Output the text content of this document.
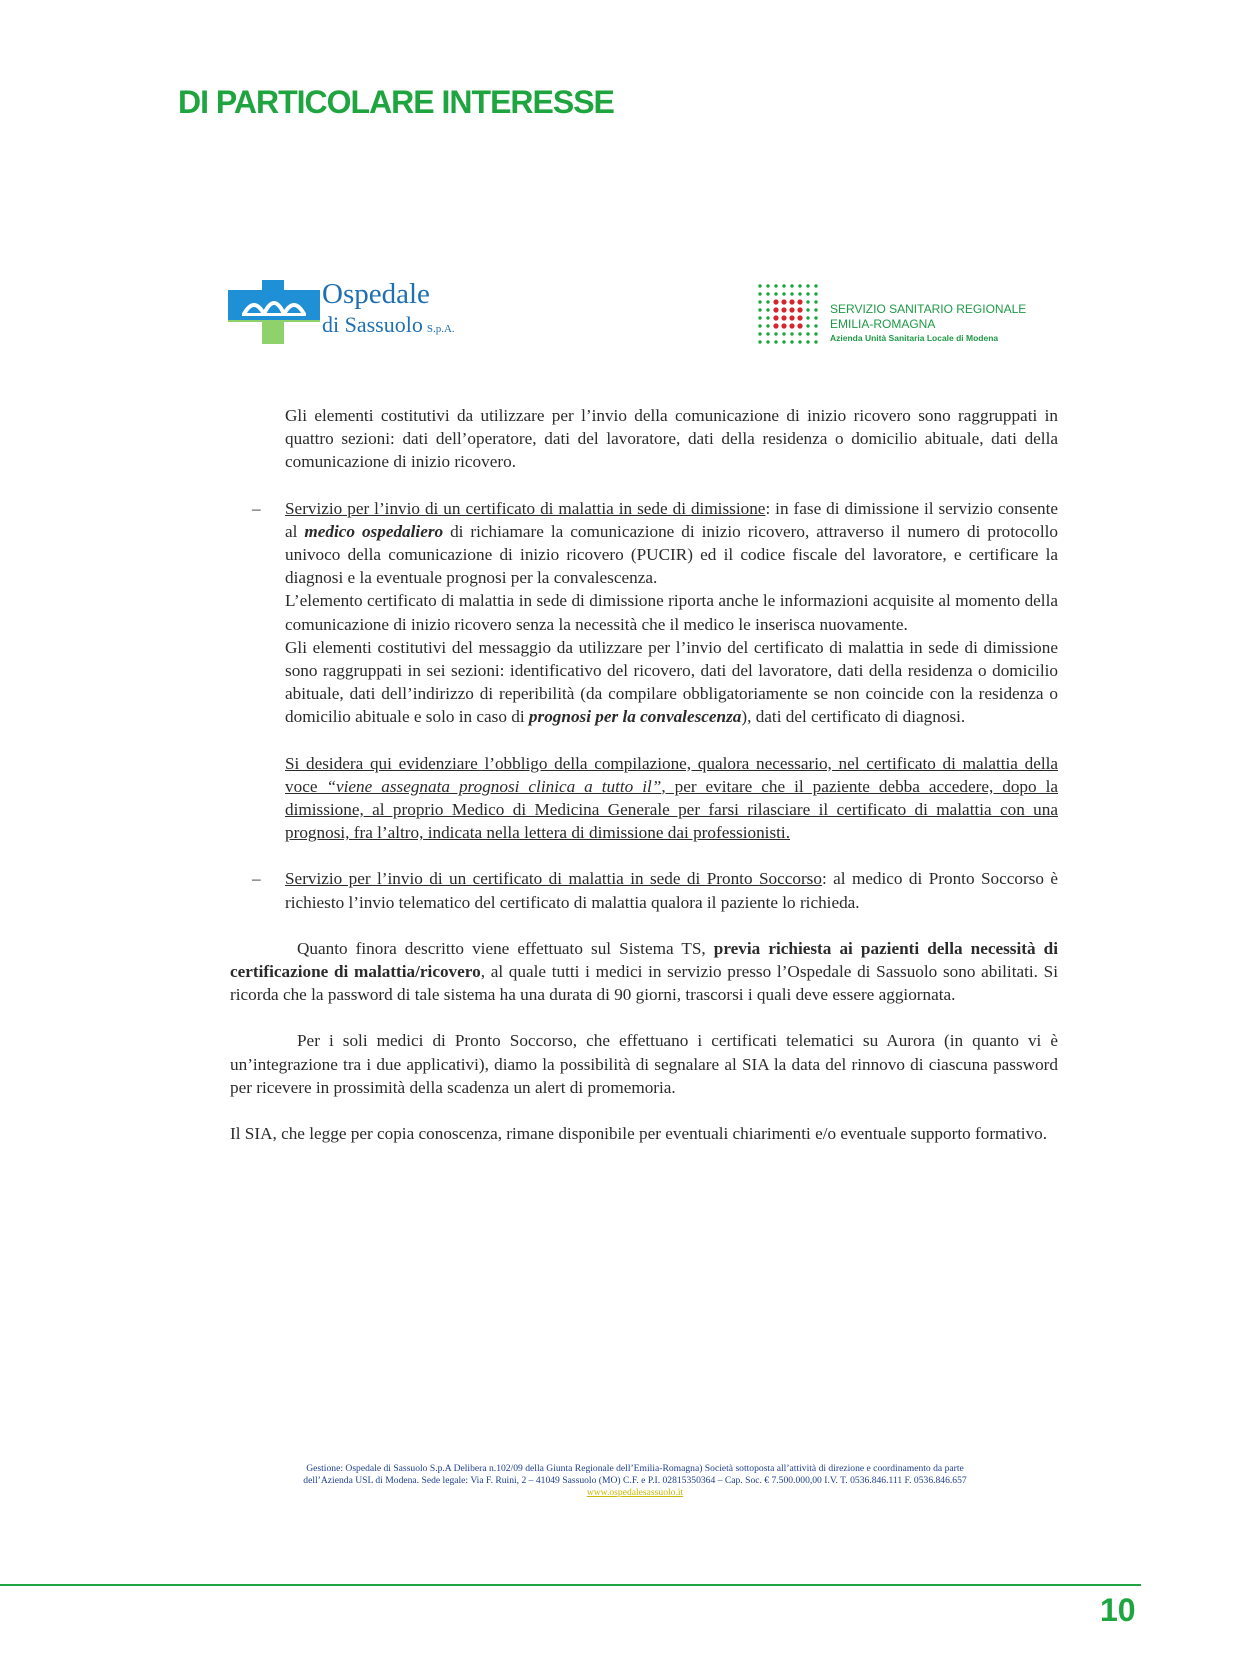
DI PARTICOLARE INTERESSE
Ospedale
di Sassuolo S.p.A.
SERVIZIO SANITARIO REGIONALE
EMILIA-ROMAGNA
Azienda Unità Sanitaria Locale di Modena

Gli elementi costitutivi da utilizzare per l’invio della comunicazione di inizio ricovero sono raggruppati in quattro sezioni: dati dell’operatore, dati del lavoratore, dati della residenza o domicilio abituale, dati della comunicazione di inizio ricovero.

–	Servizio per l’invio di un certificato di malattia in sede di dimissione: in fase di dimissione il servizio consente al medico ospedaliero di richiamare la comunicazione di inizio ricovero, attraverso il numero di protocollo univoco della comunicazione di inizio ricovero (PUCIR) ed il codice fiscale del lavoratore, e certificare la diagnosi e la eventuale prognosi per la convalescenza.

L’elemento certificato di malattia in sede di dimissione riporta anche le informazioni acquisite al momento della comunicazione di inizio ricovero senza la necessità che il medico le inserisca nuovamente.

Gli elementi costitutivi del messaggio da utilizzare per l’invio del certificato di malattia in sede di dimissione sono raggruppati in sei sezioni: identificativo del ricovero, dati del lavoratore, dati della residenza o domicilio abituale, dati dell’indirizzo di reperibilità (da compilare obbligatoriamente se non coincide con la residenza o domicilio abituale e solo in caso di prognosi per la convalescenza), dati del certificato di diagnosi.

Si desidera qui evidenziare l’obbligo della compilazione, qualora necessario, nel certificato di malattia della voce “viene assegnata prognosi clinica a tutto il”, per evitare che il paziente debba accedere, dopo la dimissione, al proprio Medico di Medicina Generale per farsi rilasciare il certificato di malattia con una prognosi, fra l’altro, indicata nella lettera di dimissione dai professionisti.

–	Servizio per l’invio di un certificato di malattia in sede di Pronto Soccorso: al medico di Pronto Soccorso è richiesto l’invio telematico del certificato di malattia qualora il paziente lo richieda.

Quanto finora descritto viene effettuato sul Sistema TS, previa richiesta ai pazienti della necessità di certificazione di malattia/ricovero, al quale tutti i medici in servizio presso l’Ospedale di Sassuolo sono abilitati. Si ricorda che la password di tale sistema ha una durata di 90 giorni, trascorsi i quali deve essere aggiornata.

Per i soli medici di Pronto Soccorso, che effettuano i certificati telematici su Aurora (in quanto vi è un’integrazione tra i due applicativi), diamo la possibilità di segnalare al SIA la data del rinnovo di ciascuna password per ricevere in prossimità della scadenza un alert di promemoria.

Il SIA, che legge per copia conoscenza, rimane disponibile per eventuali chiarimenti e/o eventuale supporto formativo.

Gestione: Ospedale di Sassuolo S.p.A Delibera n.102/09 della Giunta Regionale dell’Emilia-Romagna) Società sottoposta all’attività di direzione e coordinamento da parte
dell’Azienda USL di Modena. Sede legale: Via F. Ruini, 2 – 41049 Sassuolo (MO) C.F. e P.I. 02815350364 – Cap. Soc. € 7.500.000,00 I.V. T. 0536.846.111 F. 0536.846.657
www.ospedalesassuolo.it
10
